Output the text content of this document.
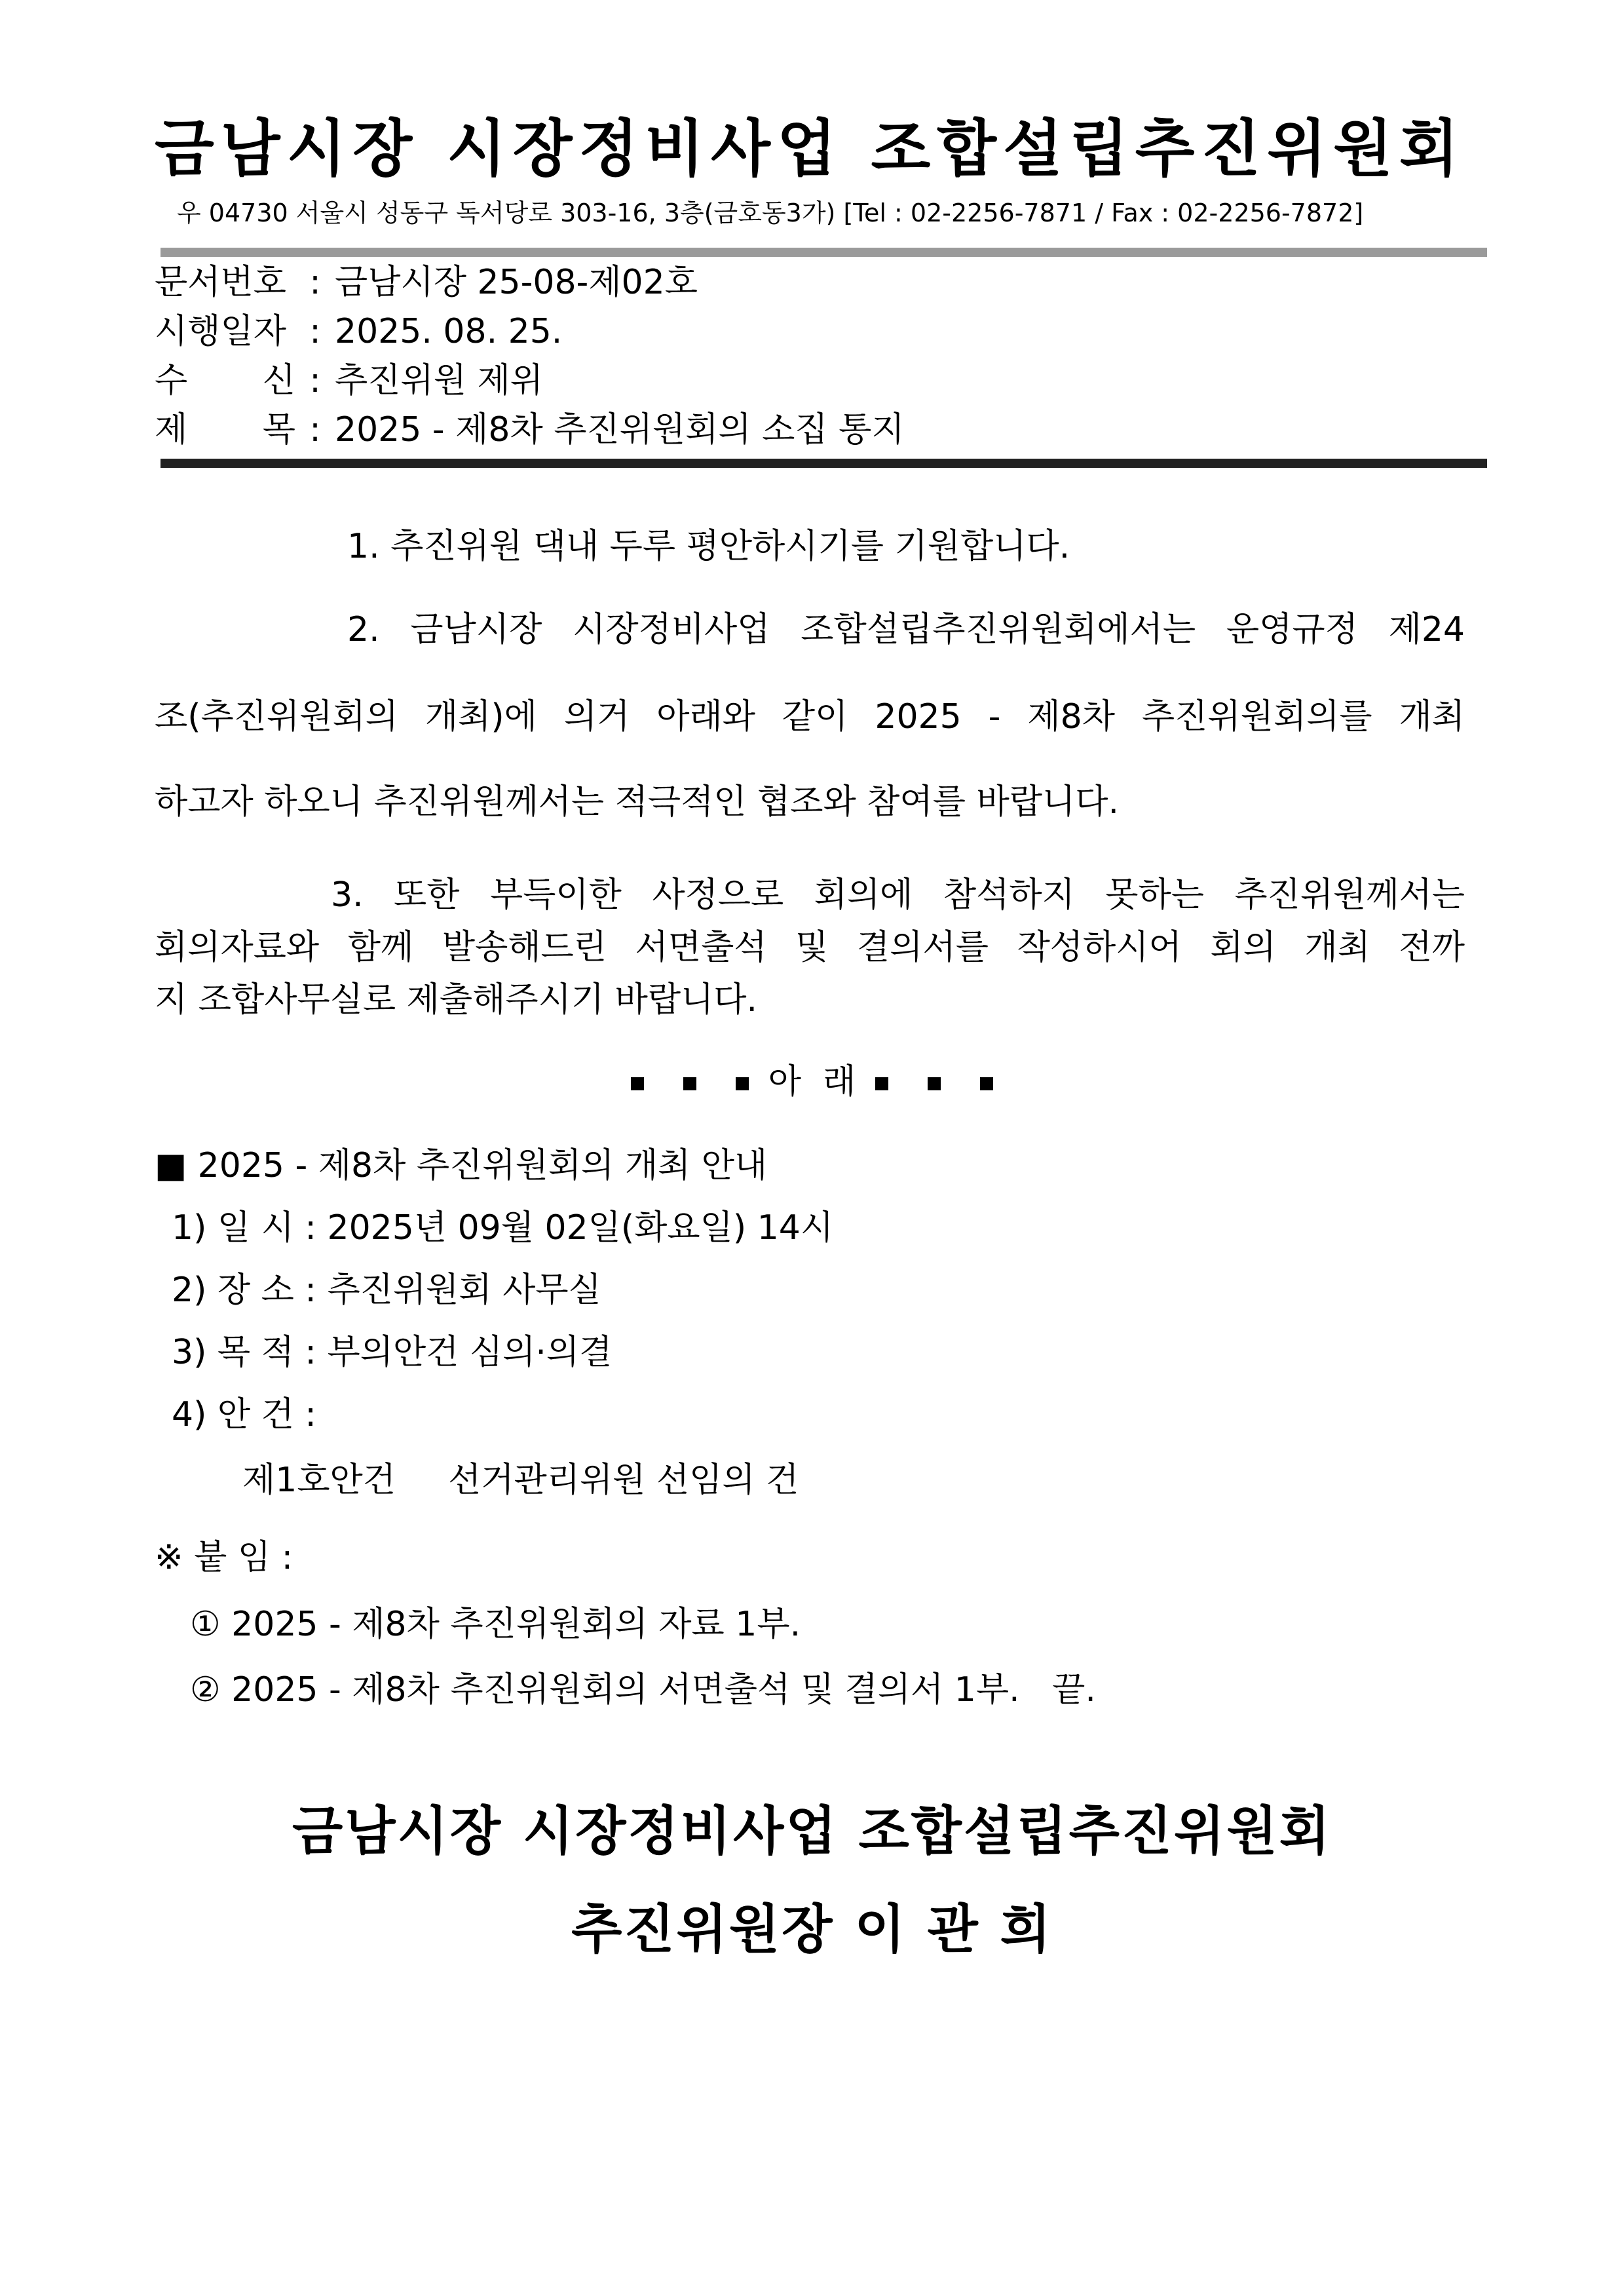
금남시장 시장정비사업 조합설립추진위원회
우 04730 서울시 성동구 독서당로 303-16, 3층(금호동3가) [Tel : 02-2256-7871 / Fax : 02-2256-7872]
문서번호 : 금남시장 25-08-제02호
시행일자 : 2025. 08. 25.
수 신 : 추진위원 제위
제 목 : 2025 - 제8차 추진위원회의 소집 통지
1. 추진위원 댁내 두루 평안하시기를 기원합니다.
2. 금남시장 시장정비사업 조합설립추진위원회에서는 운영규정 제24
조(추진위원회의 개최)에 의거 아래와 같이 2025 - 제8차 추진위원회의를 개최
하고자 하오니 추진위원께서는 적극적인 협조와 참여를 바랍니다.
3. 또한 부득이한 사정으로 회의에 참석하지 못하는 추진위원께서는
회의자료와 함께 발송해드린 서면출석 및 결의서를 작성하시어 회의 개최 전까
지 조합사무실로 제출해주시기 바랍니다.
아  래
■ 2025 - 제8차 추진위원회의 개최 안내
1) 일 시 : 2025년 09월 02일(화요일) 14시
2) 장 소 : 추진위원회 사무실
3) 목 적 : 부의안건 심의·의결
4) 안 건 :
제1호안건 선거관리위원 선임의 건
※ 붙 임 :
① 2025 - 제8차 추진위원회의 자료 1부.
② 2025 - 제8차 추진위원회의 서면출석 및 결의서 1부.   끝.
금남시장 시장정비사업 조합설립추진위원회
추진위원장 이 관 희
